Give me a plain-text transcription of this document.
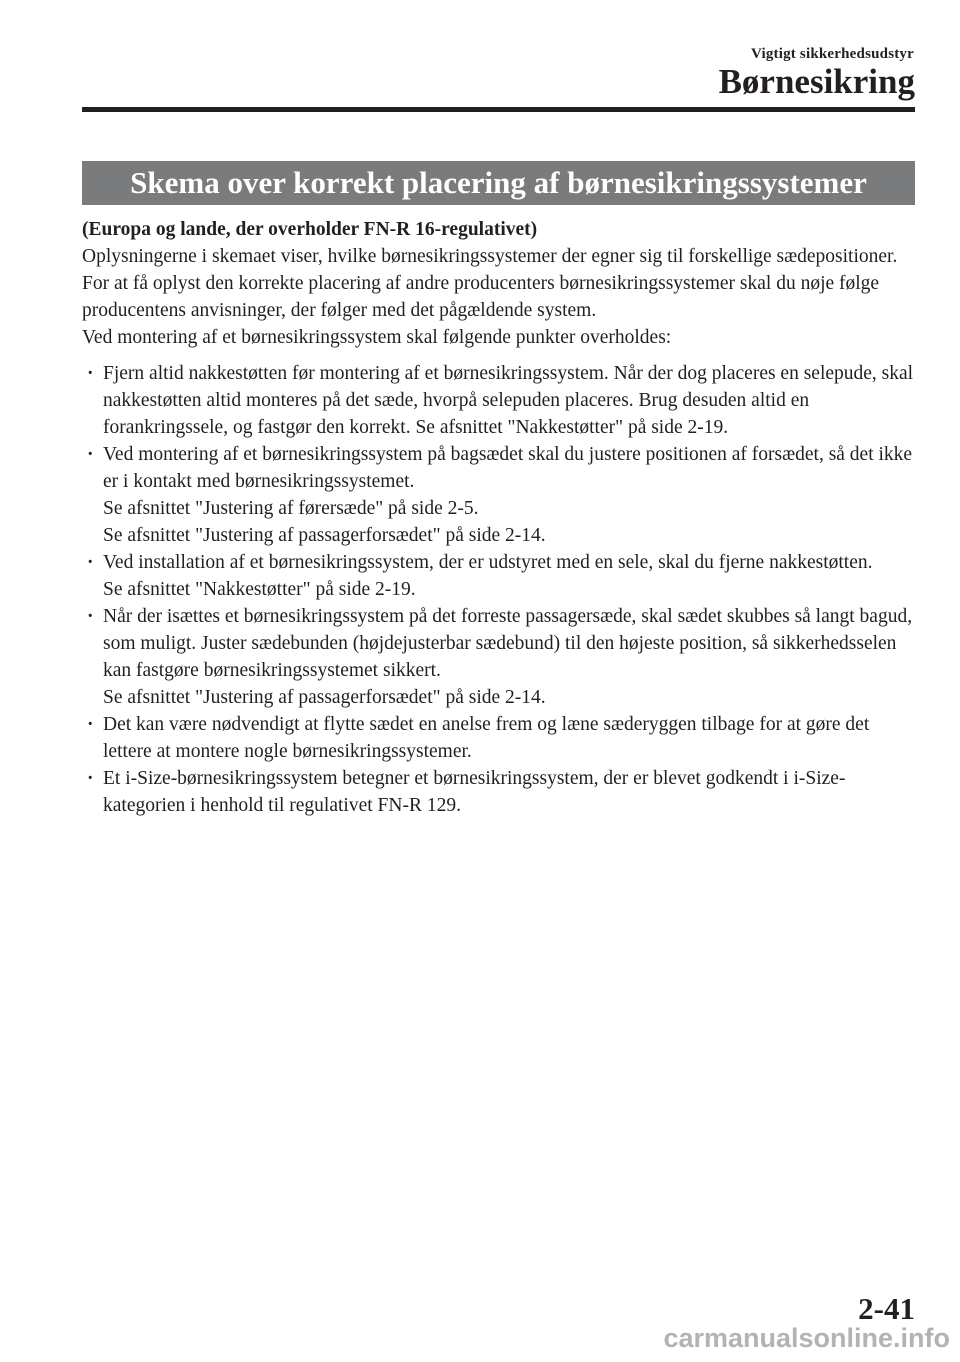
Vigtigt sikkerhedsudstyr
Børnesikring
Skema over korrekt placering af børnesikringssystemer

(Europa og lande, der overholder FN-R 16-regulativet)

Oplysningerne i skemaet viser, hvilke børnesikringssystemer der egner sig til forskellige sædepositioner. For at få oplyst den korrekte placering af andre producenters børnesikringssystemer skal du nøje følge producentens anvisninger, der følger med det pågældende system.

Ved montering af et børnesikringssystem skal følgende punkter overholdes:

· Fjern altid nakkestøtten før montering af et børnesikringssystem. Når der dog placeres en selepude, skal nakkestøtten altid monteres på det sæde, hvorpå selepuden placeres. Brug desuden altid en forankringssele, og fastgør den korrekt. Se afsnittet "Nakkestøtter" på side 2-19.
· Ved montering af et børnesikringssystem på bagsædet skal du justere positionen af forsædet, så det ikke er i kontakt med børnesikringssystemet.
Se afsnittet "Justering af førersæde" på side 2-5.
Se afsnittet "Justering af passagerforsædet" på side 2-14.
· Ved installation af et børnesikringssystem, der er udstyret med en sele, skal du fjerne nakkestøtten.
Se afsnittet "Nakkestøtter" på side 2-19.
· Når der isættes et børnesikringssystem på det forreste passagersæde, skal sædet skubbes så langt bagud, som muligt. Juster sædebunden (højdejusterbar sædebund) til den højeste position, så sikkerhedsselen kan fastgøre børnesikringssystemet sikkert.
Se afsnittet "Justering af passagerforsædet" på side 2-14.
· Det kan være nødvendigt at flytte sædet en anelse frem og læne sæderyggen tilbage for at gøre det lettere at montere nogle børnesikringssystemer.
· Et i-Size-børnesikringssystem betegner et børnesikringssystem, der er blevet godkendt i i-Size-kategorien i henhold til regulativet FN-R 129.
2-41
carmanualsonline.info
